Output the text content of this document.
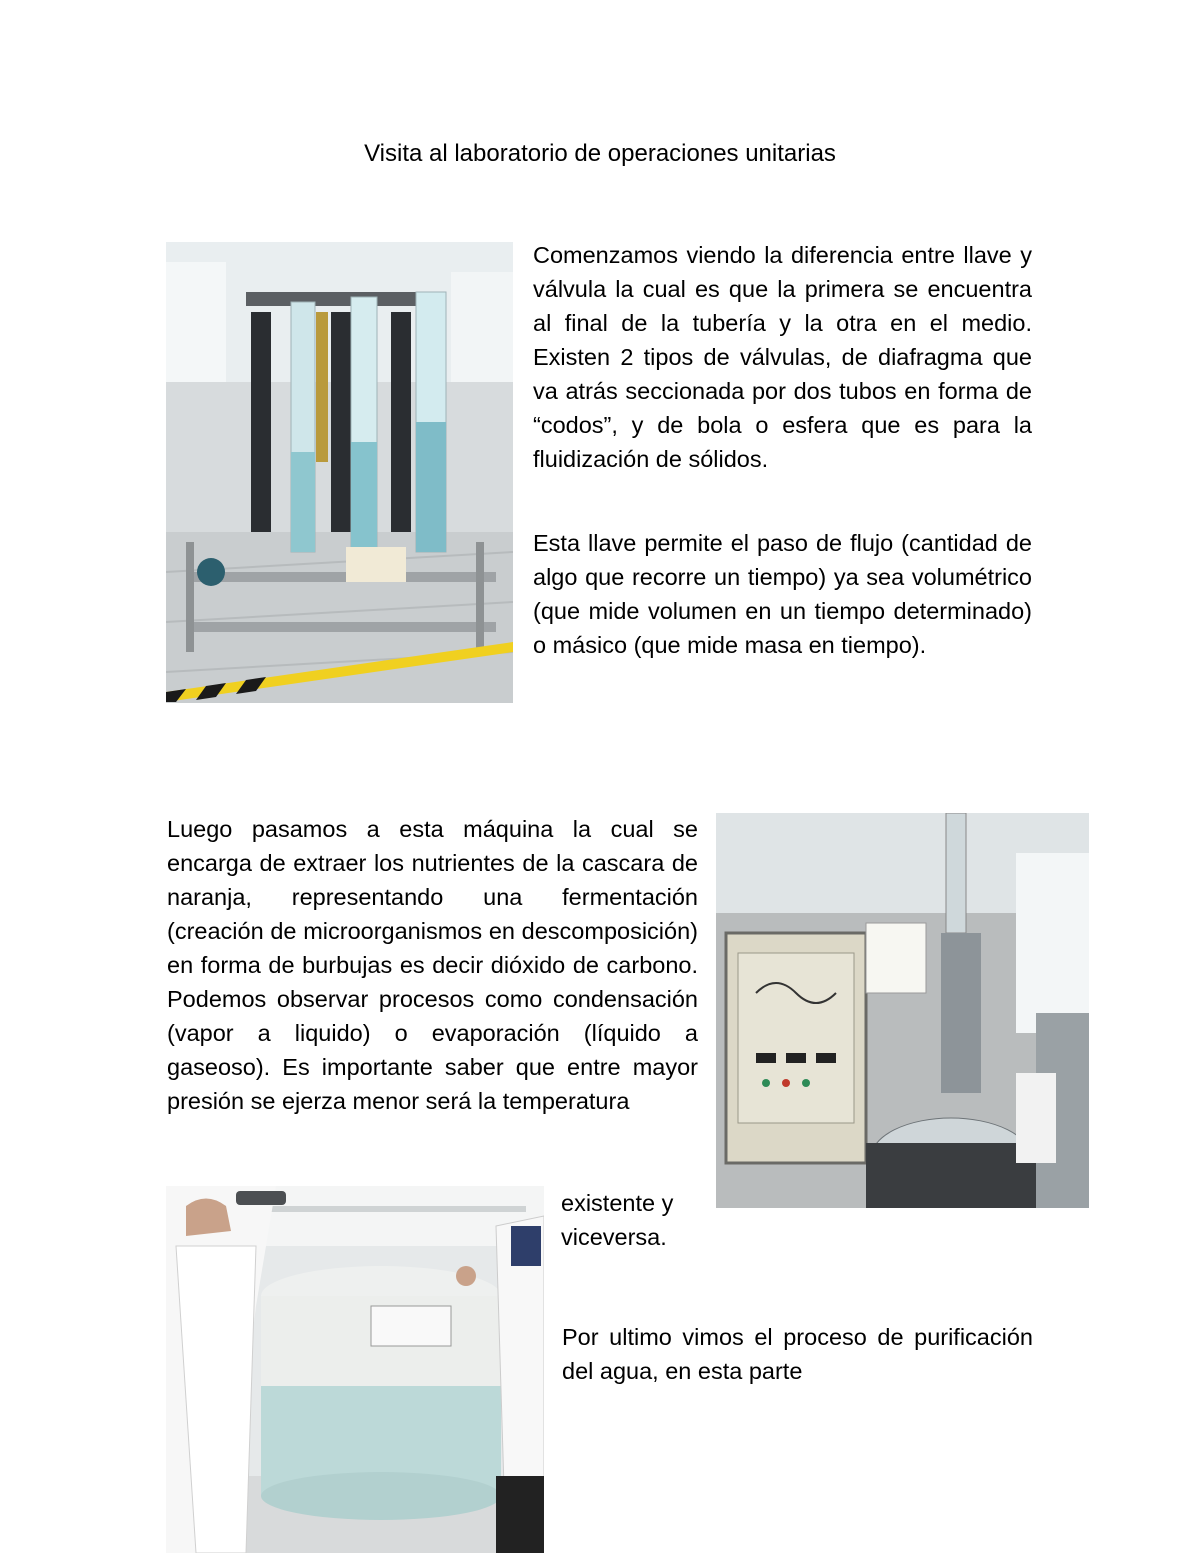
Visita al laboratorio de operaciones unitarias

Comenzamos viendo la diferencia entre llave y válvula la cual es que la primera se encuentra al final de la tubería y la otra en el medio. Existen 2 tipos de válvulas, de diafragma que va atrás seccionada por dos tubos en forma de “codos”, y de bola o esfera que es para la fluidización de sólidos.

Esta llave permite el paso de flujo (cantidad de algo que recorre un tiempo) ya sea volumétrico (que mide volumen en un tiempo determinado) o másico (que mide masa en tiempo).

Luego pasamos a esta máquina la cual se encarga de extraer los nutrientes de la cascara de naranja, representando una fermentación (creación de microorganismos en descomposición) en forma de burbujas es decir dióxido de carbono. Podemos observar procesos como condensación (vapor a liquido) o evaporación (líquido a gaseoso). Es importante saber que entre mayor presión se ejerza menor será la temperatura

existente y viceversa.

Por ultimo vimos el proceso de purificación del agua, en esta parte
